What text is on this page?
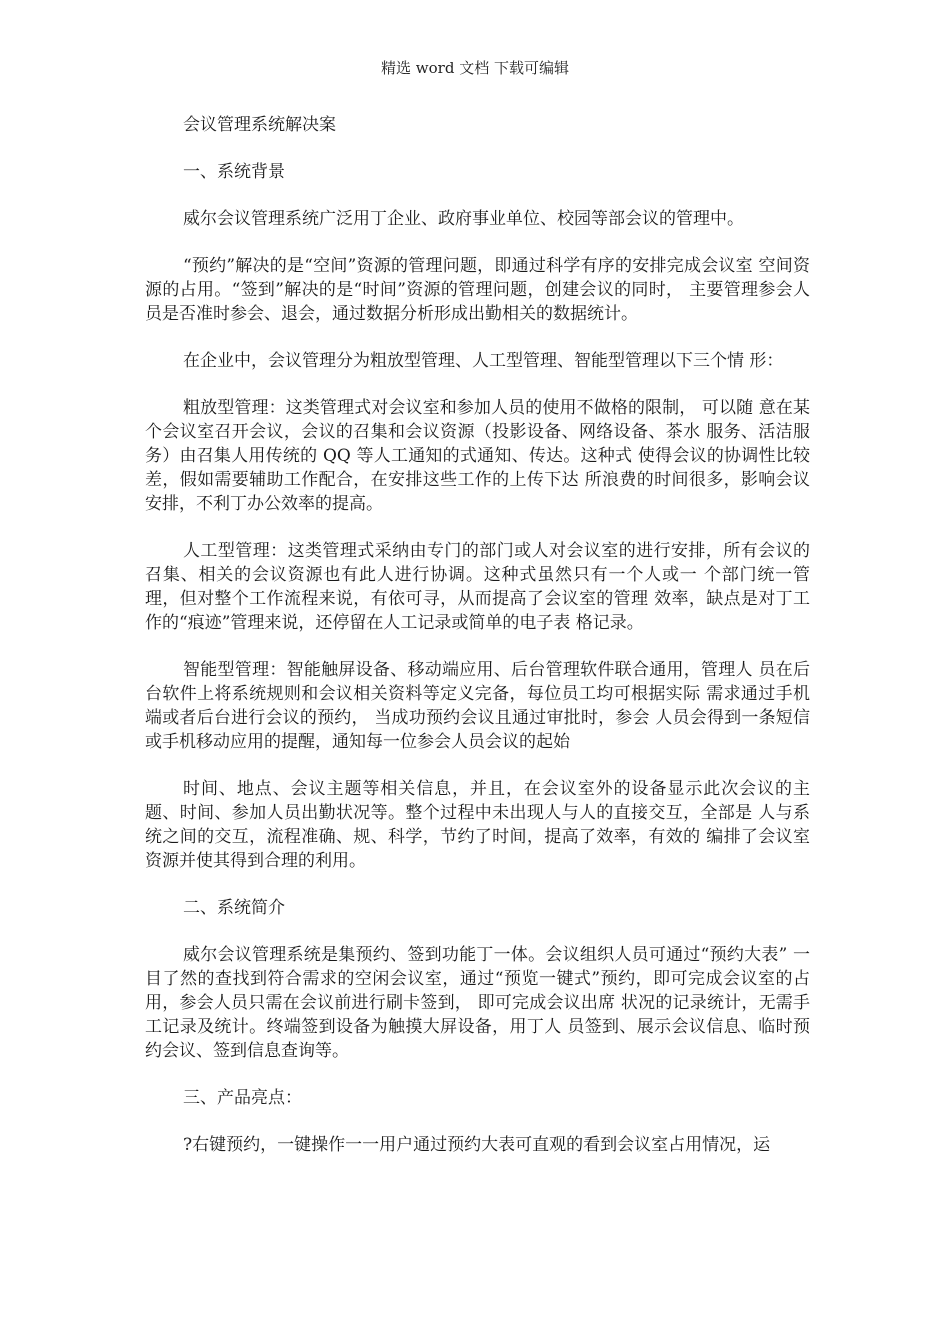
精选 word 文档 下载可编辑

会议管理系统解决案

一、系统背景

威尔会议管理系统广泛用丁企业、政府事业单位、校园等部会议的管理中。

“预约”解决的是“空间”资源的管理问题，即通过科学有序的安排完成会议室 空间资源的占用。“签到”解决的是“时间”资源的管理问题，创建会议的同时， 主要管理参会人员是否准时参会、退会，通过数据分析形成出勤相关的数据统计。

在企业中，会议管理分为粗放型管理、人工型管理、智能型管理以下三个情 形：

粗放型管理：这类管理式对会议室和参加人员的使用不做格的限制， 可以随 意在某个会议室召开会议，会议的召集和会议资源（投影设备、网络设备、茶水 服务、活洁服务）由召集人用传统的 QQ 等人工通知的式通知、传达。这种式 使得会议的协调性比较差，假如需要辅助工作配合，在安排这些工作的上传下达 所浪费的时间很多，影响会议安排，不利丁办公效率的提高。

人工型管理：这类管理式采纳由专门的部门或人对会议室的进行安排，所有会议的召集、相关的会议资源也有此人进行协调。这种式虽然只有一个人或一 个部门统一管理，但对整个工作流程来说，有依可寻，从而提高了会议室的管理 效率，缺点是对丁工作的“痕迹”管理来说，还停留在人工记录或简单的电子表 格记录。

智能型管理：智能触屏设备、移动端应用、后台管理软件联合通用，管理人 员在后台软件上将系统规则和会议相关资料等定义完备，每位员工均可根据实际 需求通过手机端或者后台进行会议的预约， 当成功预约会议且通过审批时，参会 人员会得到一条短信 或手机移动应用的提醒，通知每一位参会人员会议的起始

时间、地点、会议主题等相关信息，并且，在会议室外的设备显示此次会议的主 题、时间、参加人员出勤状况等。整个过程中未出现人与人的直接交互，全部是 人与系统之间的交互，流程准确、规、科学，节约了时间，提高了效率，有效的 编排了会议室资源并使其得到合理的利用。

二、系统简介

威尔会议管理系统是集预约、签到功能丁一体。会议组织人员可通过“预约大表” 一目了然的查找到符合需求的空闲会议室，通过“预览一键式”预约，即可完成会议室的占用，参会人员只需在会议前进行刷卡签到， 即可完成会议出席 状况的记录统计，无需手工记录及统计。终端签到设备为触摸大屏设备，用丁人 员签到、展示会议信息、临时预约会议、签到信息查询等。

三、产品亮点：

?右键预约，一键操作一一用户通过预约大表可直观的看到会议室占用情况，运
